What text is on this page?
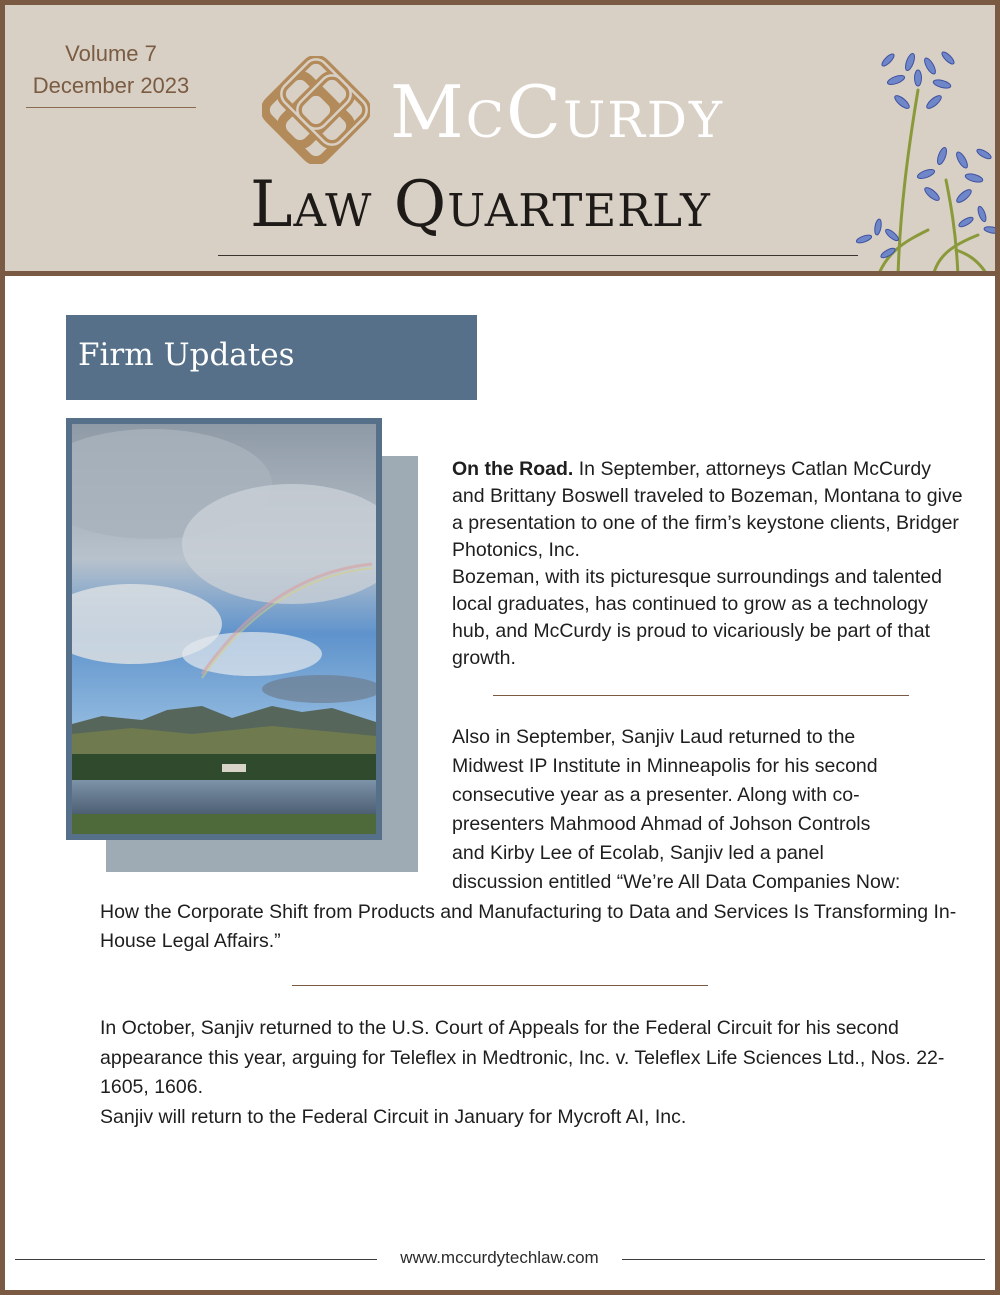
Volume 7
December 2023	McCurdy
Law Quarterly
Firm Updates
On the Road. In September, attorneys Catlan McCurdy and Brittany Boswell traveled to Bozeman, Montana to give a presentation to one of the firm’s keystone clients, Bridger Photonics, Inc.
Bozeman, with its picturesque surroundings and talented local graduates, has continued to grow as a technology hub, and McCurdy is proud to vicariously be part of that growth.
Also in September, Sanjiv Laud returned to the
Midwest IP Institute in Minneapolis for his second
consecutive year as a presenter. Along with co-
presenters Mahmood Ahmad of Johson Controls
and Kirby Lee of Ecolab, Sanjiv led a panel
discussion entitled “We’re All Data Companies Now:
How the Corporate Shift from Products and Manufacturing to Data and Services Is Transforming In-House Legal Affairs.”
In October, Sanjiv returned to the U.S. Court of Appeals for the Federal Circuit for his second appearance this year, arguing for Teleflex in Medtronic, Inc. v. Teleflex Life Sciences Ltd., Nos. 22-1605, 1606.
Sanjiv will return to the Federal Circuit in January for Mycroft AI, Inc.
www.mccurdytechlaw.com
